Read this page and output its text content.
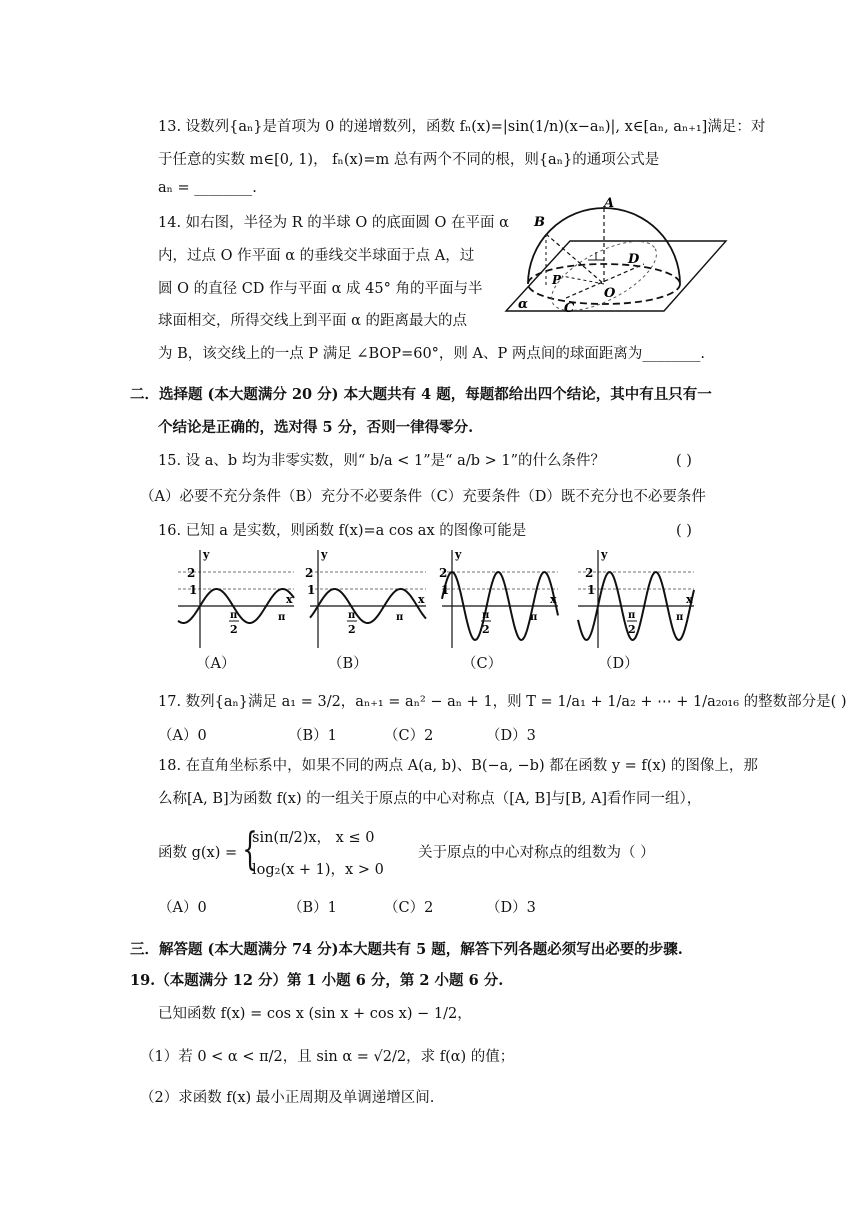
13. 设数列{aₙ}是首项为 0 的递增数列，函数 fₙ(x)=|sin(1/n)(x−aₙ)|, x∈[aₙ, aₙ₊₁]满足：对
于任意的实数 m∈[0, 1)， fₙ(x)=m 总有两个不同的根，则{aₙ}的通项公式是
aₙ = ________.
14. 如右图，半径为 R 的半球 O 的底面圆 O 在平面 α
内，过点 O 作平面 α 的垂线交半球面于点 A，过
圆 O 的直径 CD 作与平面 α 成 45° 角的平面与半
球面相交，所得交线上到平面 α 的距离最大的点
为 B，该交线上的一点 P 满足 ∠BOP=60°，则 A、P 两点间的球面距离为________.
A
B
D
P
O
C
α
二．选择题 (本大题满分 20 分) 本大题共有 4 题，每题都给出四个结论，其中有且只有一
个结论是正确的，选对得 5 分，否则一律得零分.
15. 设 a、b 均为非零实数，则“ b/a < 1”是“ a/b > 1”的什么条件？	( )
（A）必要不充分条件（B）充分不必要条件（C）充要条件（D）既不充分也不必要条件
16. 已知 a 是实数，则函数 f(x)=a cos ax 的图像可能是	( )
y
x
2
1
π
2
π
y
x
2
1
π
2
π
y
x
2
1
π
2
π
y
x
2
1
π
2
π
（A）	（B）	（C）	（D）
17. 数列{aₙ}满足 a₁ = 3/2，aₙ₊₁ = aₙ² − aₙ + 1，则 T = 1/a₁ + 1/a₂ + ⋯ + 1/a₂₀₁₆ 的整数部分是( )
（A）0	（B）1	（C）2	（D）3
18. 在直角坐标系中，如果不同的两点 A(a, b)、B(−a, −b) 都在函数 y = f(x) 的图像上，那
么称[A, B]为函数 f(x) 的一组关于原点的中心对称点（[A, B]与[B, A]看作同一组），
函数 g(x) = {
sin(π/2)x， x ≤ 0
log₂(x + 1)，x > 0
关于原点的中心对称点的组数为（ ）
（A）0	（B）1	（C）2	（D）3
三．解答题 (本大题满分 74 分)本大题共有 5 题，解答下列各题必须写出必要的步骤.
19.（本题满分 12 分）第 1 小题 6 分，第 2 小题 6 分.
已知函数 f(x) = cos x (sin x + cos x) − 1/2，
（1）若 0 < α < π/2，且 sin α = √2/2，求 f(α) 的值；
（2）求函数 f(x) 最小正周期及单调递增区间.
